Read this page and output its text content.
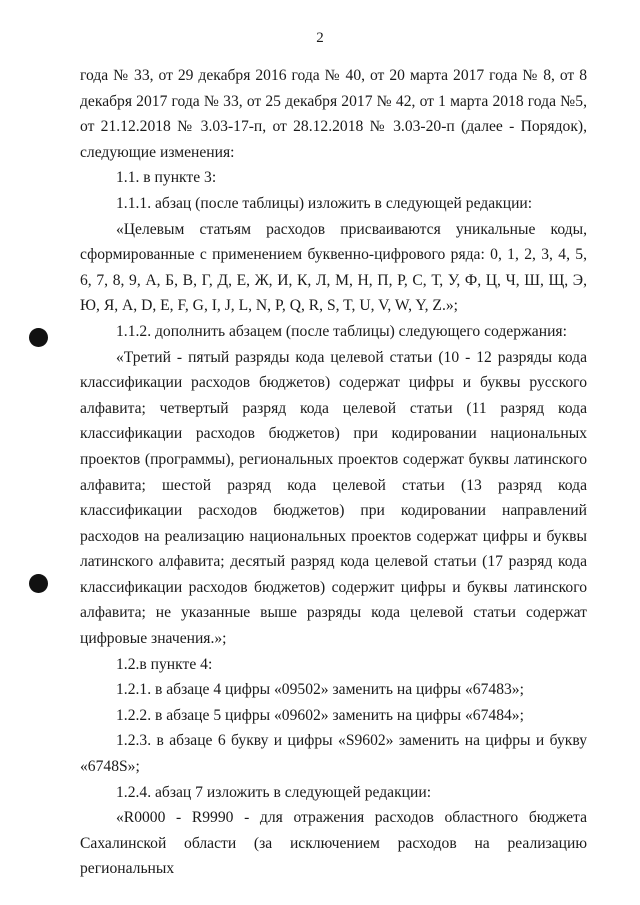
2

года № 33, от 29 декабря 2016 года № 40, от 20 марта 2017 года № 8, от 8 декабря 2017 года № 33, от 25 декабря 2017 № 42, от 1 марта 2018 года №5, от 21.12.2018 № 3.03-17-п, от 28.12.2018 № 3.03-20-п (далее - Порядок), следующие изменения:

1.1. в пункте 3:

1.1.1. абзац (после таблицы) изложить в следующей редакции:

«Целевым статьям расходов присваиваются уникальные коды, сформированные с применением буквенно-цифрового ряда: 0, 1, 2, 3, 4, 5, 6, 7, 8, 9, А, Б, В, Г, Д, Е, Ж, И, К, Л, М, Н, П, Р, С, Т, У, Ф, Ц, Ч, Ш, Щ, Э, Ю, Я, A, D, E, F, G, I, J, L, N, P, Q, R, S, T, U, V, W, Y, Z.»;

1.1.2. дополнить абзацем (после таблицы) следующего содержания:

«Третий - пятый разряды кода целевой статьи (10 - 12 разряды кода классификации расходов бюджетов) содержат цифры и буквы русского алфавита; четвертый разряд кода целевой статьи (11 разряд кода классификации расходов бюджетов) при кодировании национальных проектов (программы), региональных проектов содержат буквы латинского алфавита; шестой разряд кода целевой статьи (13 разряд кода классификации расходов бюджетов) при кодировании направлений расходов на реализацию национальных проектов содержат цифры и буквы латинского алфавита; десятый разряд кода целевой статьи (17 разряд кода классификации расходов бюджетов) содержит цифры и буквы латинского алфавита; не указанные выше разряды кода целевой статьи содержат цифровые значения.»;

1.2.в пункте 4:

1.2.1. в абзаце 4 цифры «09502» заменить на цифры «67483»;

1.2.2. в абзаце 5 цифры «09602» заменить на цифры «67484»;

1.2.3. в абзаце 6 букву и цифры «S9602» заменить на цифры и букву «6748S»;

1.2.4. абзац 7 изложить в следующей редакции:

«R0000 - R9990 - для отражения расходов областного бюджета Сахалинской области (за исключением расходов на реализацию региональных
